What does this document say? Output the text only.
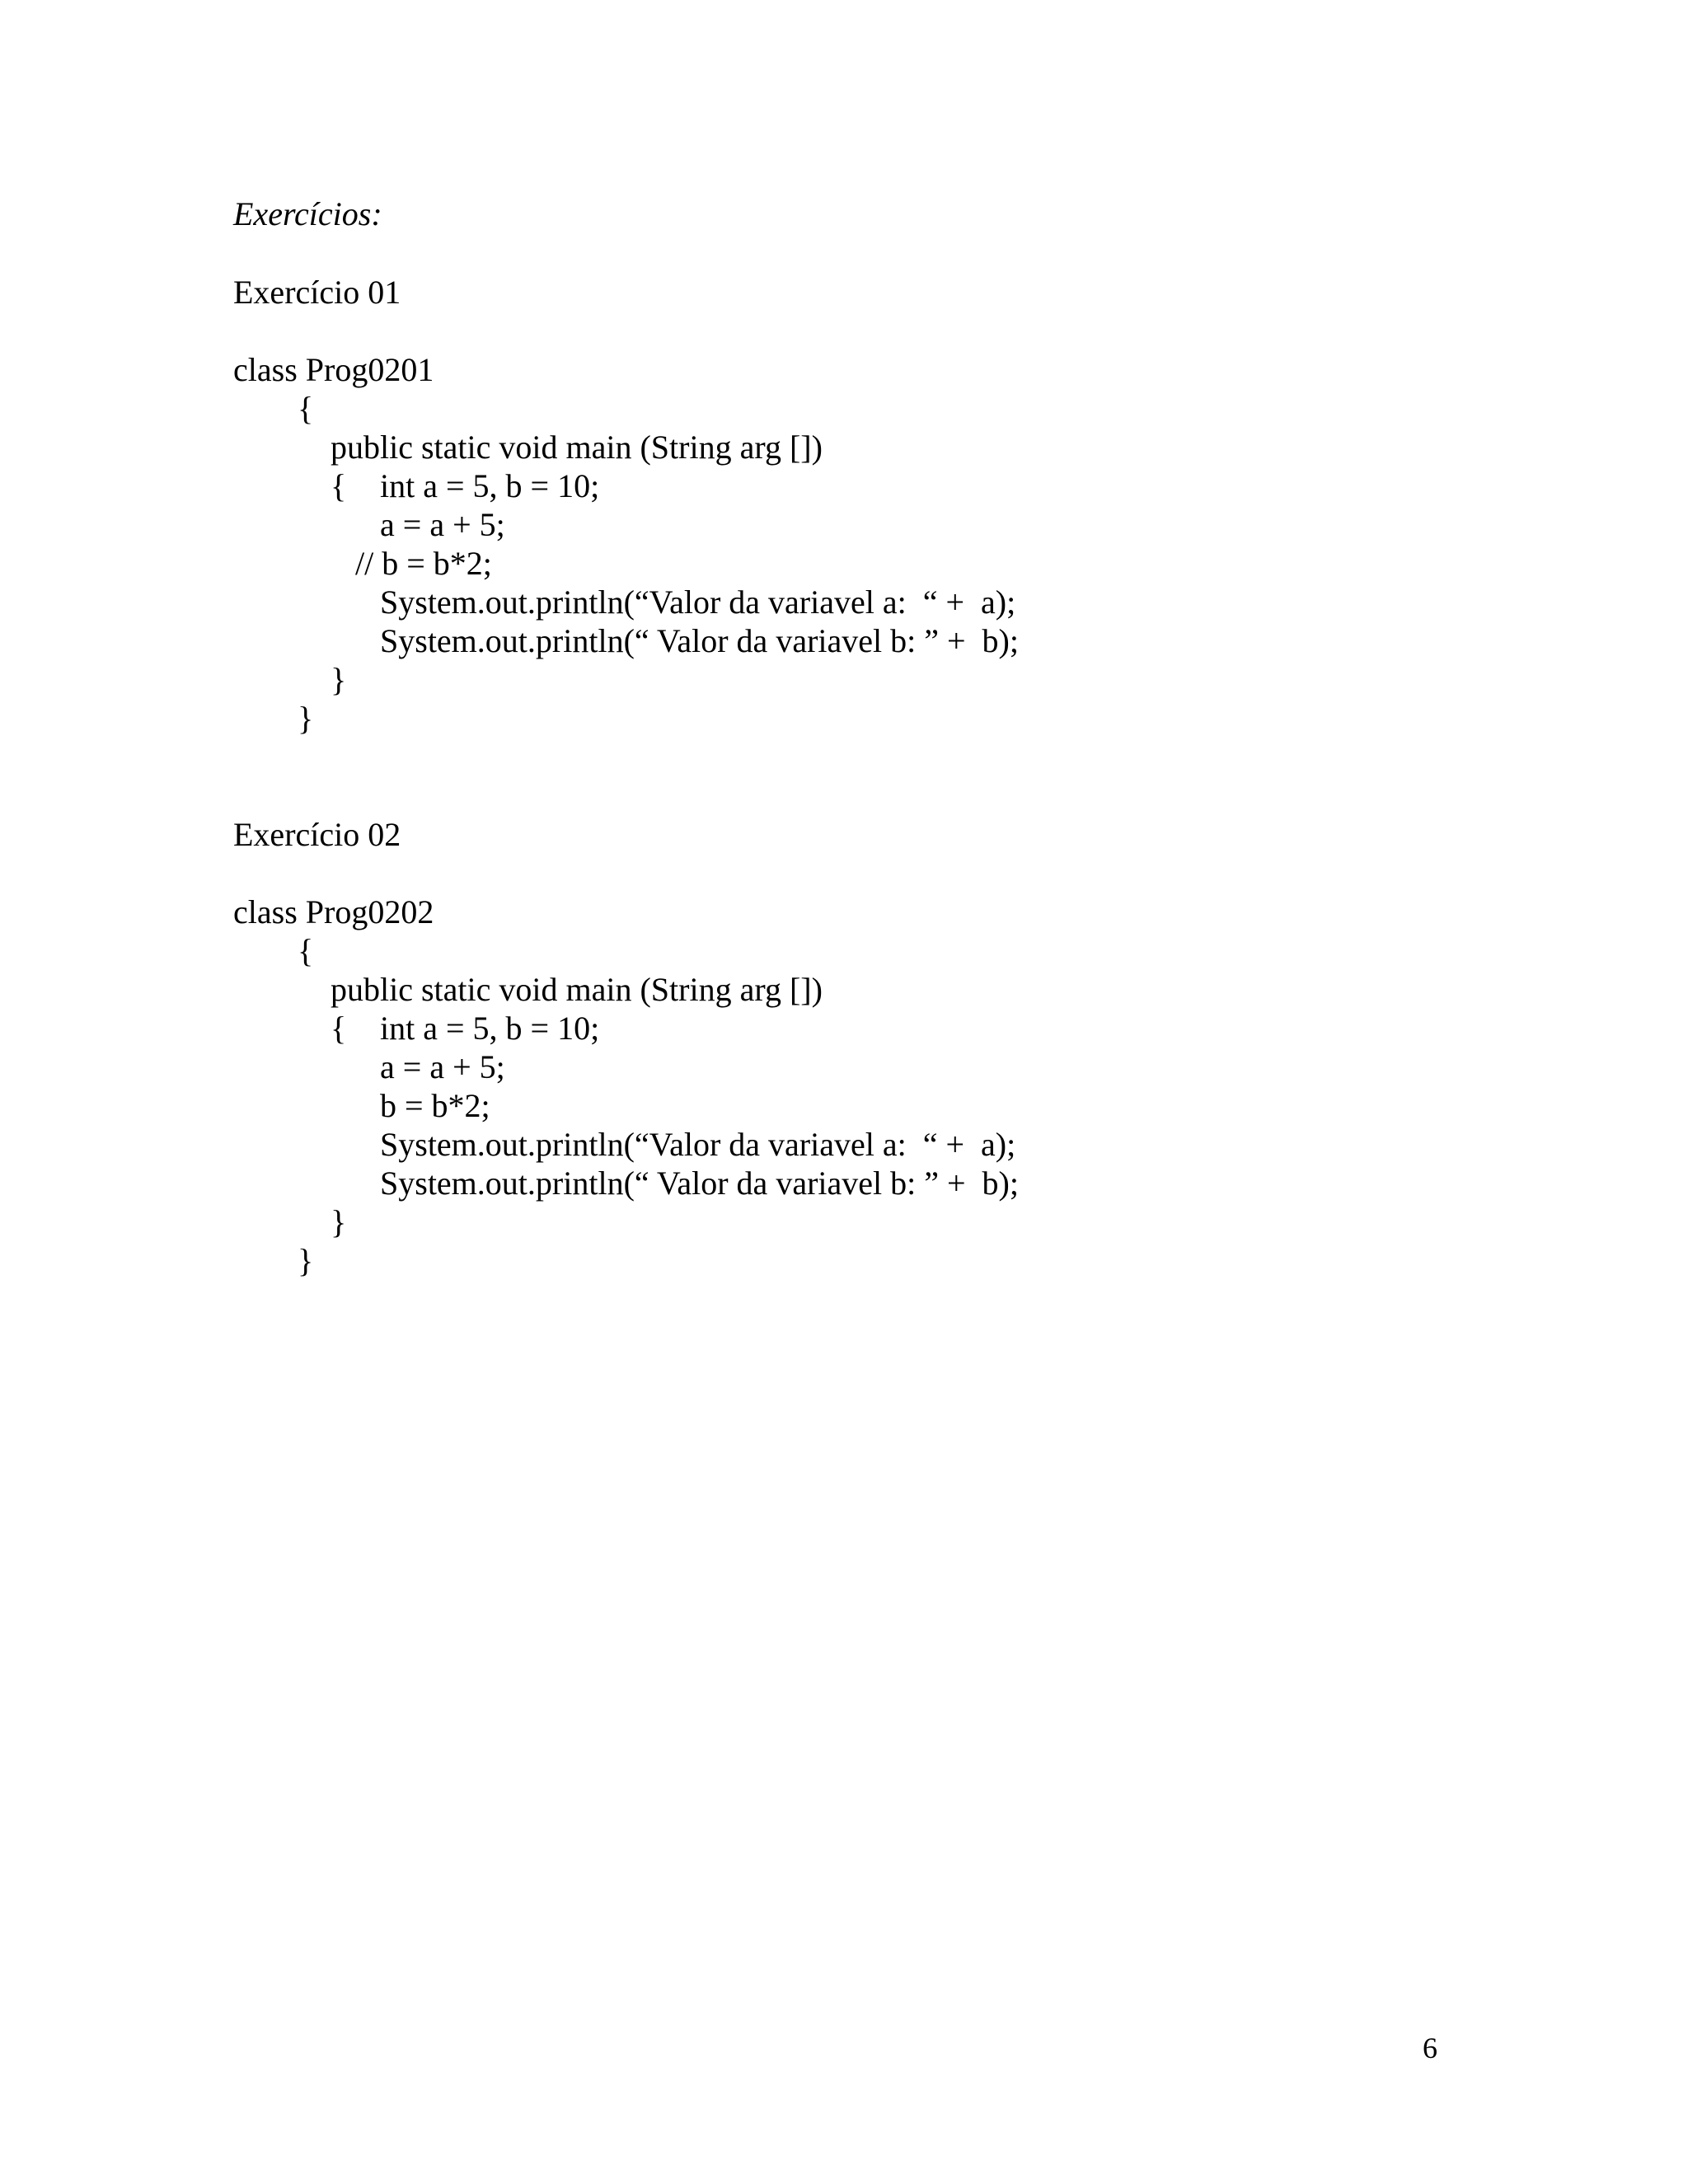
Exercícios:

Exercício 01

class Prog0201

{

public static void main (String arg [])

{ int a = 5, b = 10;

a = a + 5;

// b = b*2;

System.out.println(“Valor da variavel a:  “ +  a);

System.out.println(“ Valor da variavel b: ” +  b);

}

}

Exercício 02

class Prog0202

{

public static void main (String arg [])

{ int a = 5, b = 10;

a = a + 5;

b = b*2;

System.out.println(“Valor da variavel a:  “ +  a);

System.out.println(“ Valor da variavel b: ” +  b);

}

}

6
